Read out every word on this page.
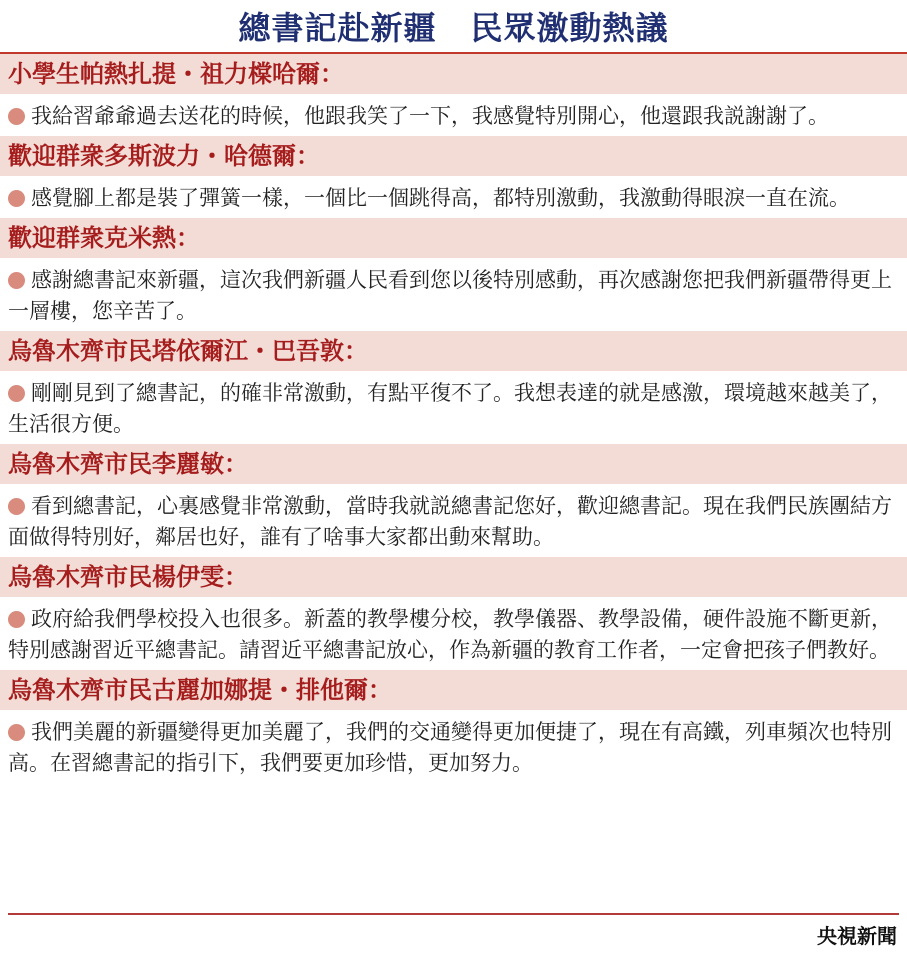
總書記赴新疆 民眾激動熱議
小學生帕熱扎提・祖力橖哈爾：
我給習爺爺過去送花的時候，他跟我笑了一下，我感覺特別開心，他還跟我説謝謝了。
歡迎群衆多斯波力・哈德爾：
感覺腳上都是裝了彈簧一樣，一個比一個跳得高，都特別激動，我激動得眼淚一直在流。
歡迎群衆克米熱：
感謝總書記來新疆，這次我們新疆人民看到您以後特別感動，再次感謝您把我們新疆帶得更上一層樓，您辛苦了。
烏魯木齊市民塔依爾江・巴吾敦：
剛剛見到了總書記，的確非常激動，有點平復不了。我想表達的就是感激，環境越來越美了，生活很方便。
烏魯木齊市民李麗敏：
看到總書記，心裏感覺非常激動，當時我就説總書記您好，歡迎總書記。現在我們民族團結方面做得特別好，鄰居也好，誰有了啥事大家都出動來幫助。
烏魯木齊市民楊伊雯：
政府給我們學校投入也很多。新蓋的教學樓分校，教學儀器、教學設備，硬件設施不斷更新，特別感謝習近平總書記。請習近平總書記放心，作為新疆的教育工作者，一定會把孩子們教好。
烏魯木齊市民古麗加娜提・排他爾：
我們美麗的新疆變得更加美麗了，我們的交通變得更加便捷了，現在有高鐵，列車頻次也特別高。在習總書記的指引下，我們要更加珍惜，更加努力。
央視新聞
